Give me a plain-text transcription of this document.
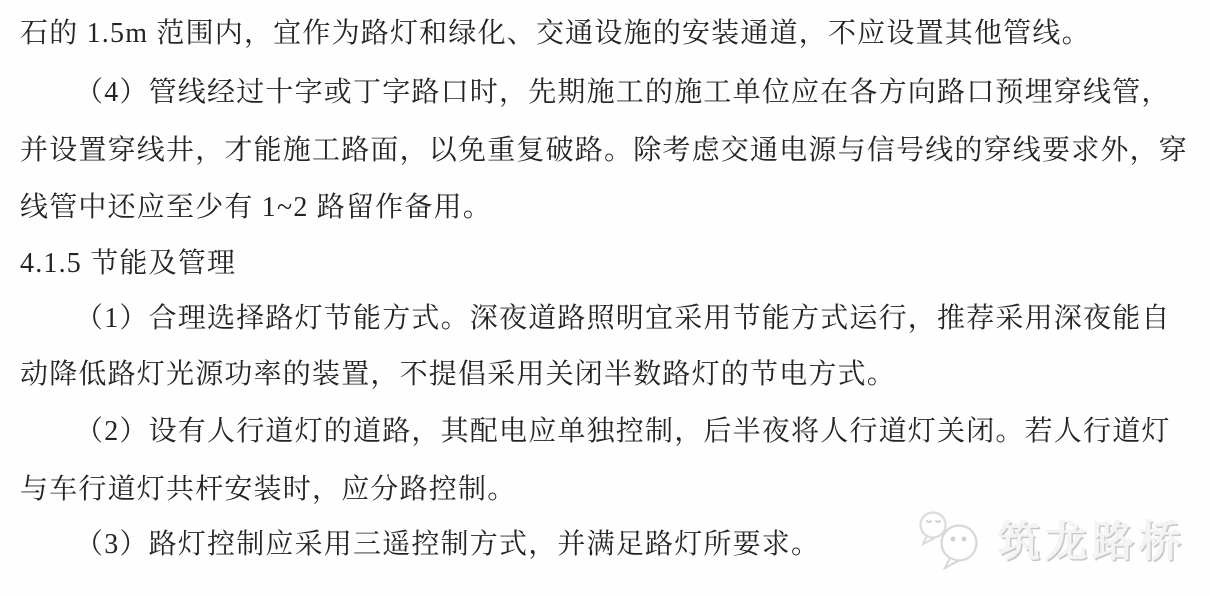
石的 1.5m 范围内，宜作为路灯和绿化、交通设施的安装通道，不应设置其他管线。
（4）管线经过十字或丁字路口时，先期施工的施工单位应在各方向路口预埋穿线管，
并设置穿线井，才能施工路面，以免重复破路。除考虑交通电源与信号线的穿线要求外，穿
线管中还应至少有 1~2 路留作备用。
4.1.5 节能及管理
（1）合理选择路灯节能方式。深夜道路照明宜采用节能方式运行，推荐采用深夜能自
动降低路灯光源功率的装置，不提倡采用关闭半数路灯的节电方式。
（2）设有人行道灯的道路，其配电应单独控制，后半夜将人行道灯关闭。若人行道灯
与车行道灯共杆安装时，应分路控制。
（3）路灯控制应采用三遥控制方式，并满足路灯所要求。	筑龙路桥
